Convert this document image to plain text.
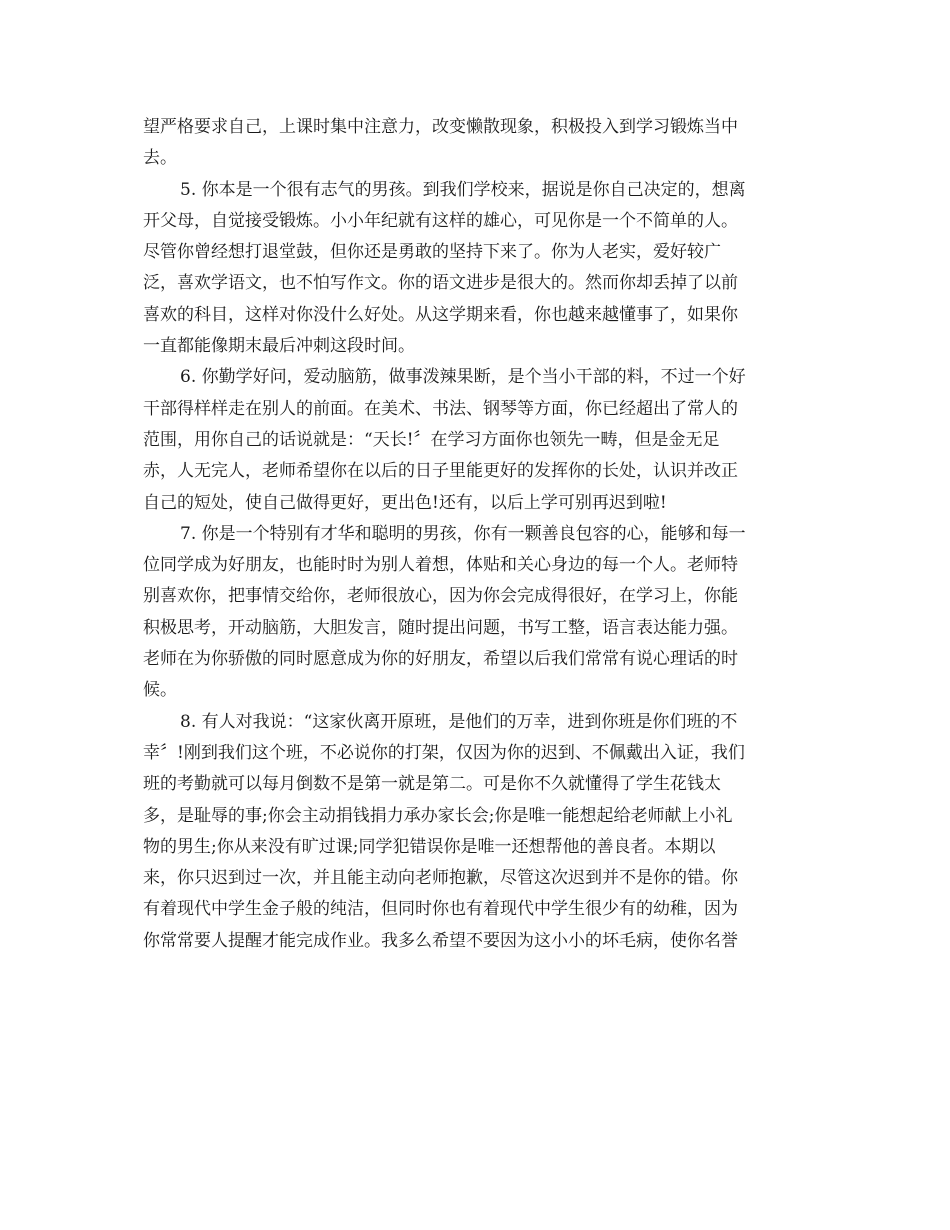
望严格要求自己，上课时集中注意力，改变懒散现象，积极投入到学习锻炼当中
去。
5. 你本是一个很有志气的男孩。到我们学校来，据说是你自己决定的，想离
开父母，自觉接受锻炼。小小年纪就有这样的雄心，可见你是一个不简单的人。
尽管你曾经想打退堂鼓，但你还是勇敢的坚持下来了。你为人老实，爱好较广
泛，喜欢学语文，也不怕写作文。你的语文进步是很大的。然而你却丢掉了以前
喜欢的科目，这样对你没什么好处。从这学期来看，你也越来越懂事了，如果你
一直都能像期末最后冲刺这段时间。
6. 你勤学好问，爱动脑筋，做事泼辣果断，是个当小干部的料，不过一个好
干部得样样走在别人的前面。在美术、书法、钢琴等方面，你已经超出了常人的
范围，用你自己的话说就是：“天长!〞在学习方面你也领先一畴，但是金无足
赤，人无完人，老师希望你在以后的日子里能更好的发挥你的长处，认识并改正
自己的短处，使自己做得更好，更出色!还有，以后上学可别再迟到啦!
7. 你是一个特别有才华和聪明的男孩，你有一颗善良包容的心，能够和每一
位同学成为好朋友，也能时时为别人着想，体贴和关心身边的每一个人。老师特
别喜欢你，把事情交给你，老师很放心，因为你会完成得很好，在学习上，你能
积极思考，开动脑筋，大胆发言，随时提出问题，书写工整，语言表达能力强。
老师在为你骄傲的同时愿意成为你的好朋友，希望以后我们常常有说心理话的时
候。
8. 有人对我说：“这家伙离开原班，是他们的万幸，进到你班是你们班的不
幸〞!刚到我们这个班，不必说你的打架，仅因为你的迟到、不佩戴出入证，我们
班的考勤就可以每月倒数不是第一就是第二。可是你不久就懂得了学生花钱太
多，是耻辱的事;你会主动捐钱捐力承办家长会;你是唯一能想起给老师献上小礼
物的男生;你从来没有旷过课;同学犯错误你是唯一还想帮他的善良者。本期以
来，你只迟到过一次，并且能主动向老师抱歉，尽管这次迟到并不是你的错。你
有着现代中学生金子般的纯洁，但同时你也有着现代中学生很少有的幼稚，因为
你常常要人提醒才能完成作业。我多么希望不要因为这小小的坏毛病，使你名誉
